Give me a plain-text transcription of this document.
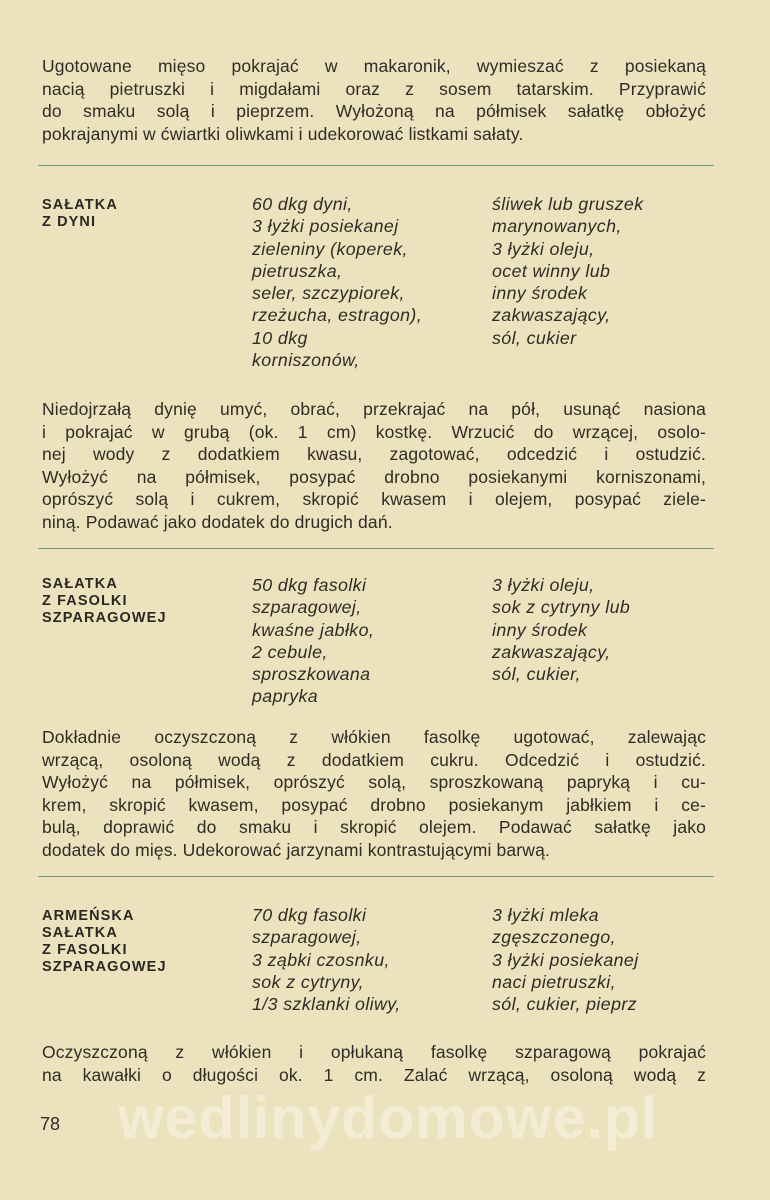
Ugotowane mięso pokrajać w makaronik, wymieszać z posiekaną
nacią pietruszki i migdałami oraz z sosem tatarskim. Przyprawić
do smaku solą i pieprzem. Wyłożoną na półmisek sałatkę obłożyć
pokrajanymi w ćwiartki oliwkami i udekorować listkami sałaty.
SAŁATKA
Z DYNI
60 dkg dyni,
3 łyżki posiekanej
zieleniny (koperek,
pietruszka,
seler, szczypiorek,
rzeżucha, estragon),
10 dkg
korniszonów,
śliwek lub gruszek
marynowanych,
3 łyżki oleju,
ocet winny lub
inny środek
zakwaszający,
sól, cukier
Niedojrzałą dynię umyć, obrać, przekrajać na pół, usunąć nasiona
i pokrajać w grubą (ok. 1 cm) kostkę. Wrzucić do wrzącej, osolo-
nej wody z dodatkiem kwasu, zagotować, odcedzić i ostudzić.
Wyłożyć na półmisek, posypać drobno posiekanymi korniszonami,
oprószyć solą i cukrem, skropić kwasem i olejem, posypać ziele-
niną. Podawać jako dodatek do drugich dań.
SAŁATKA
Z FASOLKI
SZPARAGOWEJ
50 dkg fasolki
szparagowej,
kwaśne jabłko,
2 cebule,
sproszkowana
papryka
3 łyżki oleju,
sok z cytryny lub
inny środek
zakwaszający,
sól, cukier,
Dokładnie oczyszczoną z włókien fasolkę ugotować, zalewając
wrzącą, osoloną wodą z dodatkiem cukru. Odcedzić i ostudzić.
Wyłożyć na półmisek, oprószyć solą, sproszkowaną papryką i cu-
krem, skropić kwasem, posypać drobno posiekanym jabłkiem i ce-
bulą, doprawić do smaku i skropić olejem. Podawać sałatkę jako
dodatek do mięs. Udekorować jarzynami kontrastującymi barwą.
ARMEŃSKA
SAŁATKA
Z FASOLKI
SZPARAGOWEJ
70 dkg fasolki
szparagowej,
3 ząbki czosnku,
sok z cytryny,
1/3 szklanki oliwy,
3 łyżki mleka
zgęszczonego,
3 łyżki posiekanej
naci pietruszki,
sól, cukier, pieprz
Oczyszczoną z włókien i opłukaną fasolkę szparagową pokrajać
na kawałki o długości ok. 1 cm. Zalać wrzącą, osoloną wodą z
wedlinydomowe.pl
78
